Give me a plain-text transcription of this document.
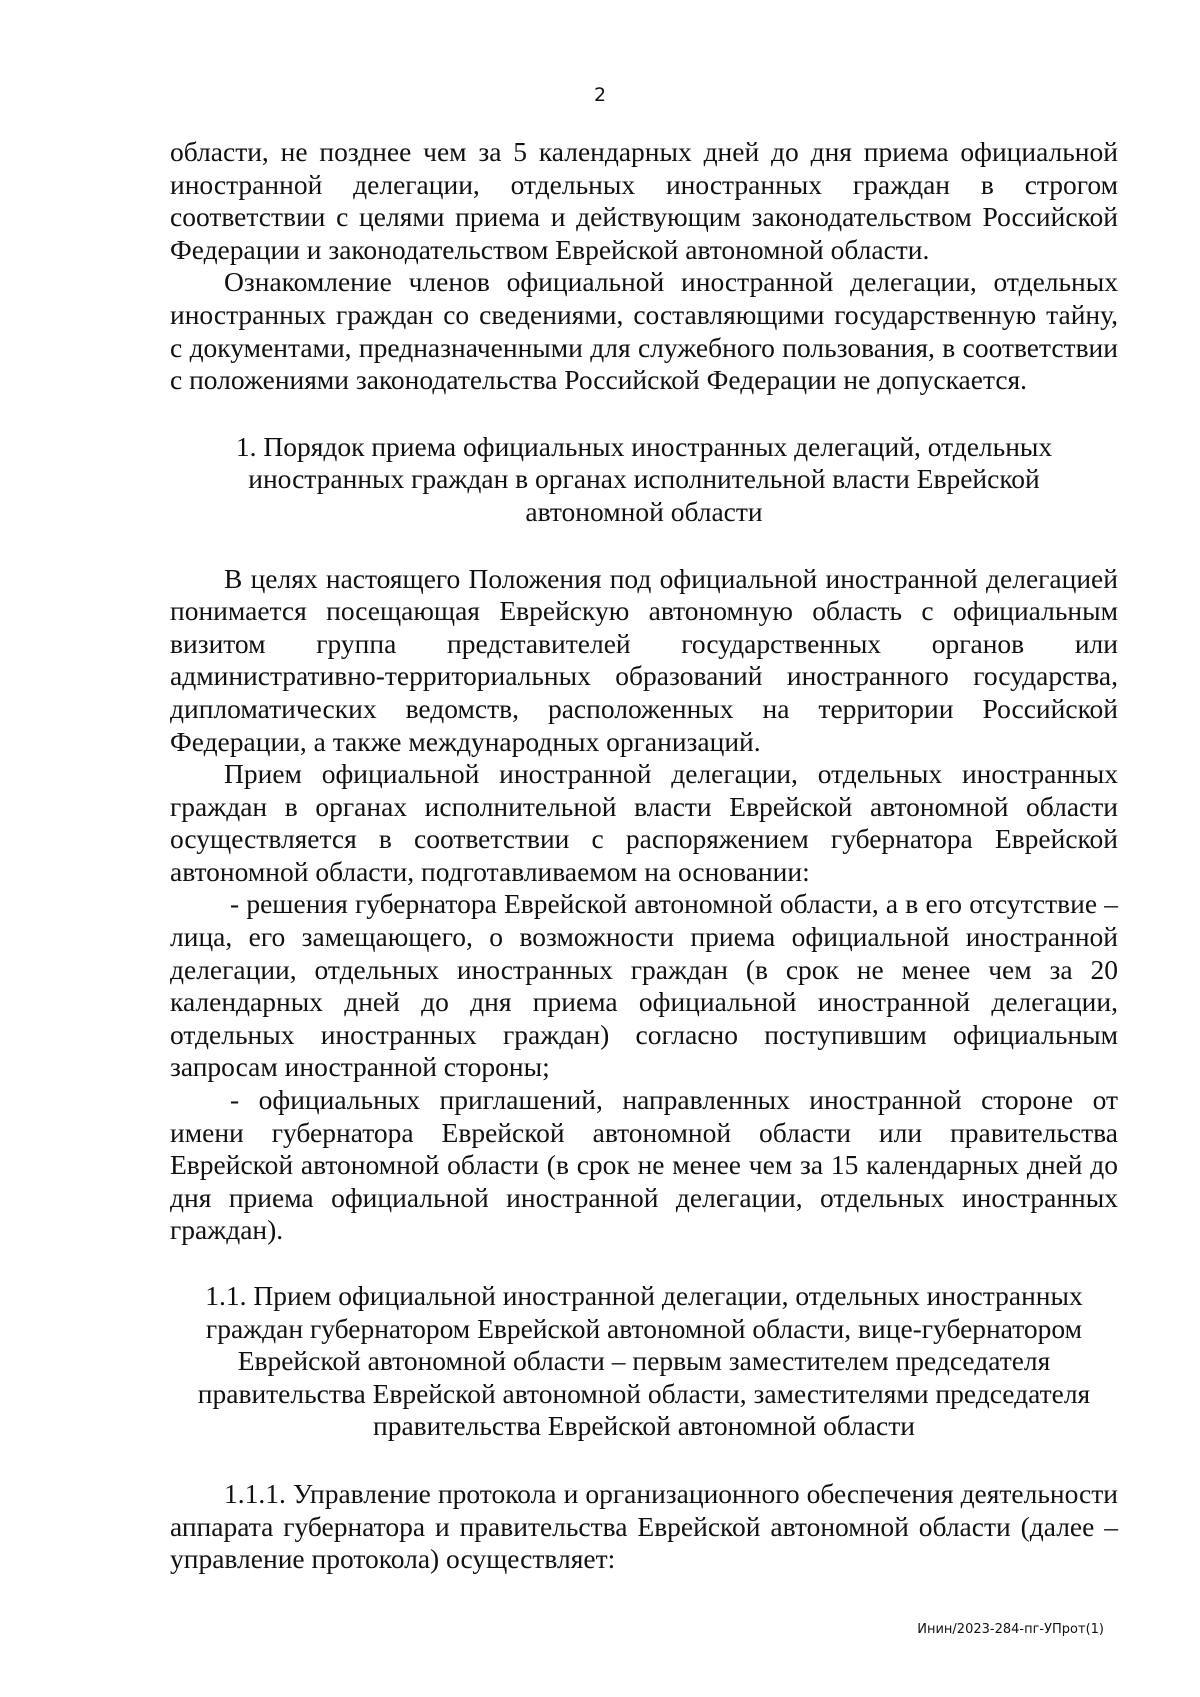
2

области, не позднее чем за 5 календарных дней до дня приема официальной иностранной делегации, отдельных иностранных граждан в строгом соответствии с целями приема и действующим законодательством Российской Федерации и законодательством Еврейской автономной области.

Ознакомление членов официальной иностранной делегации, отдельных иностранных граждан со сведениями, составляющими государственную тайну, с документами, предназначенными для служебного пользования, в соответствии с положениями законодательства Российской Федерации не допускается.

1. Порядок приема официальных иностранных делегаций, отдельных иностранных граждан в органах исполнительной власти Еврейской автономной области

В целях настоящего Положения под официальной иностранной делегацией понимается посещающая Еврейскую автономную область с официальным визитом группа представителей государственных органов или административно-территориальных образований иностранного государства, дипломатических ведомств, расположенных на территории Российской Федерации, а также международных организаций.

Прием официальной иностранной делегации, отдельных иностранных граждан в органах исполнительной власти Еврейской автономной области осуществляется в соответствии с распоряжением губернатора Еврейской автономной области, подготавливаемом на основании:

- решения губернатора Еврейской автономной области, а в его отсутствие – лица, его замещающего, о возможности приема официальной иностранной делегации, отдельных иностранных граждан (в срок не менее чем за 20 календарных дней до дня приема официальной иностранной делегации, отдельных иностранных граждан) согласно поступившим официальным запросам иностранной стороны;

- официальных приглашений, направленных иностранной стороне от имени губернатора Еврейской автономной области или правительства Еврейской автономной области (в срок не менее чем за 15 календарных дней до дня приема официальной иностранной делегации, отдельных иностранных граждан).

1.1. Прием официальной иностранной делегации, отдельных иностранных граждан губернатором Еврейской автономной области, вице-губернатором Еврейской автономной области – первым заместителем председателя правительства Еврейской автономной области, заместителями председателя правительства Еврейской автономной области

1.1.1. Управление протокола и организационного обеспечения деятельности аппарата губернатора и правительства Еврейской автономной области (далее – управление протокола) осуществляет:

Инин/2023-284-пг-УПрот(1)
